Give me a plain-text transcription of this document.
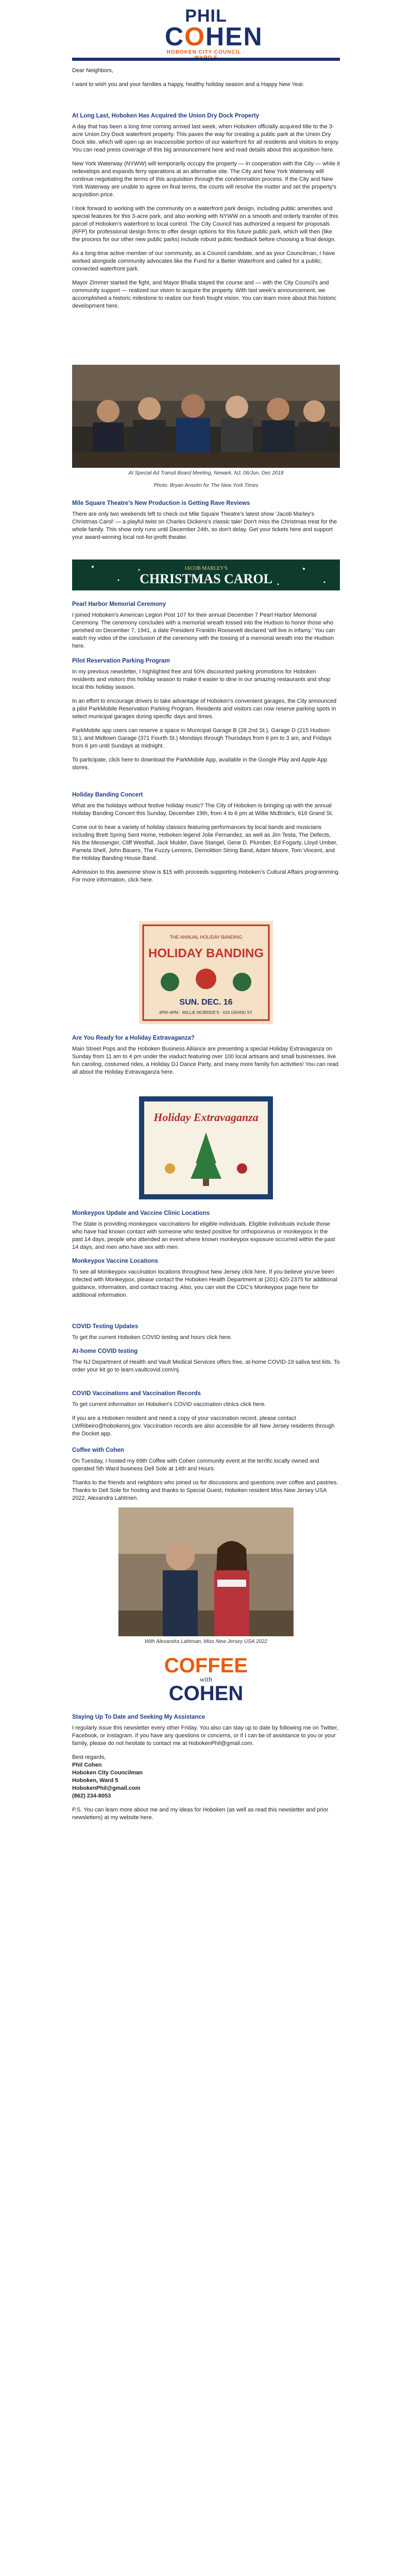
PHIL
COHEN
HOBOKEN CITY COUNCIL ·

Dear Neighbors,

I want to wish you and your families a happy, healthy holiday season and a Happy New Year.

At Long Last, Hoboken Has Acquired the Union Dry Dock Property

A day that has been a long time coming arrived last week, when Hoboken officially acquired title to the 3-acre Union Dry Dock waterfront property. This paves the way for creating a public park at the Union Dry Dock site, which will open up an inaccessible portion of our waterfront for all residents and visitors to enjoy. You can read press coverage of this big announcement here and read details about this acquisition here.

New York Waterway (NYWW) will temporarily occupy the property — in cooperation with the City — while it redevelops and expands ferry operations at an alternative site. The City and New York Waterway will continue negotiating the terms of this acquisition through the condemnation process. If the City and New York Waterway are unable to agree on final terms, the courts will resolve the matter and set the property's acquisition price.

I look forward to working with the community on a waterfront park design, including public amenities and special features for this 3-acre park, and also working with NYWW on a smooth and orderly transfer of this parcel of Hoboken's waterfront to local control. The City Council has authorized a request for proposals (RFP) for professional design firms to offer design options for this future public park, which will then (like the process for our other new public parks) include robust public feedback before choosing a final design.

As a long-time active member of our community, as a Council candidate, and as your Councilman, I have worked alongside community advocates like the Fund for a Better Waterfront and called for a public, connected waterfront park.

Mayor Zimmer started the fight, and Mayor Bhalla stayed the course and — with the City Council's and community support — realized our vision to acquire the property. With last week's announcement, we accomplished a historic milestone to realize our fresh fought vision. You can learn more about this historic development here.

At Special Ad Transit Board Meeting, Newark, NJ, 06/Jun, Dec 2018
Photo: Bryan Anselm for The New York Times
Mile Square Theatre's New Production is Getting Rave Reviews

There are only two weekends left to check out Mile Square Theatre's latest show 'Jacob Marley's Christmas Carol' — a playful twist on Charles Dickens's classic tale! Don't miss the Christmas treat for the whole family. This show only runs until December 24th, so don't delay. Get your tickets here and support your award-winning local not-for-profit theater.

JACOB MARLEY'S
CHRISTMAS CAROL
Pearl Harbor Memorial Ceremony

I joined Hoboken's American Legion Post 107 for their annual December 7 Pearl Harbor Memorial Ceremony. The ceremony concludes with a memorial wreath tossed into the Hudson to honor those who perished on December 7, 1941, a date President Franklin Roosevelt declared 'will live in infamy.' You can watch my video of the conclusion of the ceremony with the tossing of a memorial wreath into the Hudson here.

Pilot Reservation Parking Program

In my previous newsletter, I highlighted free and 50% discounted parking promotions for Hoboken residents and visitors this holiday season to make it easier to dine in our amazing restaurants and shop local this holiday season.

In an effort to encourage drivers to take advantage of Hoboken's convenient garages, the City announced a pilot ParkMobile Reservation Parking Program. Residents and visitors can now reserve parking spots in select municipal garages during specific days and times.

ParkMobile app users can reserve a space in Municipal Garage B (28 2nd St.), Garage D (215 Hudson St.), and Midtown Garage (371 Fourth St.) Mondays through Thursdays from 6 pm to 3 am, and Fridays from 6 pm until Sundays at midnight.

To participate, click here to download the ParkMobile App, available in the Google Play and Apple App stores.

Holiday Banding Concert

What are the holidays without festive holiday music? The City of Hoboken is bringing up with the annual Holiday Banding Concert this Sunday, December 19th, from 4 to 6 pm at Willie McBride's, 616 Grand St.

Come out to hear a variety of holiday classics featuring performances by local bands and musicians including Brett Spring Sent Home, Hoboken legend Jolie Fernandez, as well as Jim Testa, The Defects, Nis the Messenger, Cliff Westfall, Jack Mulder, Dave Stangel, Gene D. Plumber, Ed Fogarty, Lloyd Umber, Pamela Shell, John Bauers, The Fuzzy Lemons, Demolition String Band, Adam Moore, Tom Vincent, and the Holiday Banding House Band.

Admission to this awesome show is $15 with proceeds supporting Hoboken's Cultural Affairs programming. For more information, click here.

THE ANNUAL HOLIDAY BANDING
HOLIDAY BANDING
SUN. DEC. 16
4PM–6PM · WILLIE MCBRIDE'S · 616 GRAND ST.
Are You Ready for a Holiday Extravaganza?

Main Street Pops and the Hoboken Business Alliance are presenting a special Holiday Extravaganza on Sunday from 11 am to 4 pm under the viaduct featuring over 100 local artisans and small businesses, live fun caroling, costumed rides, a Holiday DJ Dance Party, and many more family fun activities! You can read all about the Holiday Extravaganza here.

Holiday Extravaganza
Monkeypox Update and Vaccine Clinic Locations

The State is providing monkeypox vaccinations for eligible individuals. Eligible individuals include those who have had known contact with someone who tested positive for orthopoxvirus or monkeypox in the past 14 days, people who attended an event where known monkeypox exposure occurred within the past 14 days, and men who have sex with men.

Monkeypox Vaccine Locations

To see all Monkeypox vaccination locations throughout New Jersey click here. If you believe you've been infected with Monkeypox, please contact the Hoboken Health Department at (201) 420-2375 for additional guidance, information, and contact tracing. Also, you can visit the CDC's Monkeypox page here for additional information.

COVID Testing Updates

To get the current Hoboken COVID testing and hours click here.

At-home COVID testing

The NJ Department of Health and Vault Medical Services offers free, at-home COVID-19 saliva test kits. To order your kit go to learn.vaultcovid.com/nj.

COVID Vaccinations and Vaccination Records

To get current information on Hoboken's COVID vaccination clinics click here.

If you are a Hoboken resident and need a copy of your vaccination record, please contact LWRibeiro@hobokennj.gov. Vaccination records are also accessible for all New Jersey residents through the Docket app.

Coffee with Cohen

On Tuesday, I hosted my 69th Coffee with Cohen community event at the terrific locally owned and operated 5th Ward business Dell Sole at 14th and Hours.

Thanks to the friends and neighbors who joined us for discussions and questions over coffee and pastries. Thanks to Dell Sole for hosting and thanks to Special Guest, Hoboken resident Miss New Jersey USA 2022, Alexandra Lahtmen.

With Alexandra Lahtman, Miss New Jersey USA 2022
COFFEE
with
COHEN
Staying Up To Date and Seeking My Assistance

I regularly issue this newsletter every other Friday. You also can stay up to date by following me on Twitter, Facebook, or Instagram. If you have any questions or concerns, or if I can be of assistance to you or your family, please do not hesitate to contact me at HobokenPhil@gmail.com.

Best regards,

Phil Cohen

Hoboken City Councilman

Hoboken, Ward 5

HobokenPhil@gmail.com

(862) 234-8053

P.S. You can learn more about me and my ideas for Hoboken (as well as read this newsletter and prior newsletters) at my website here.
